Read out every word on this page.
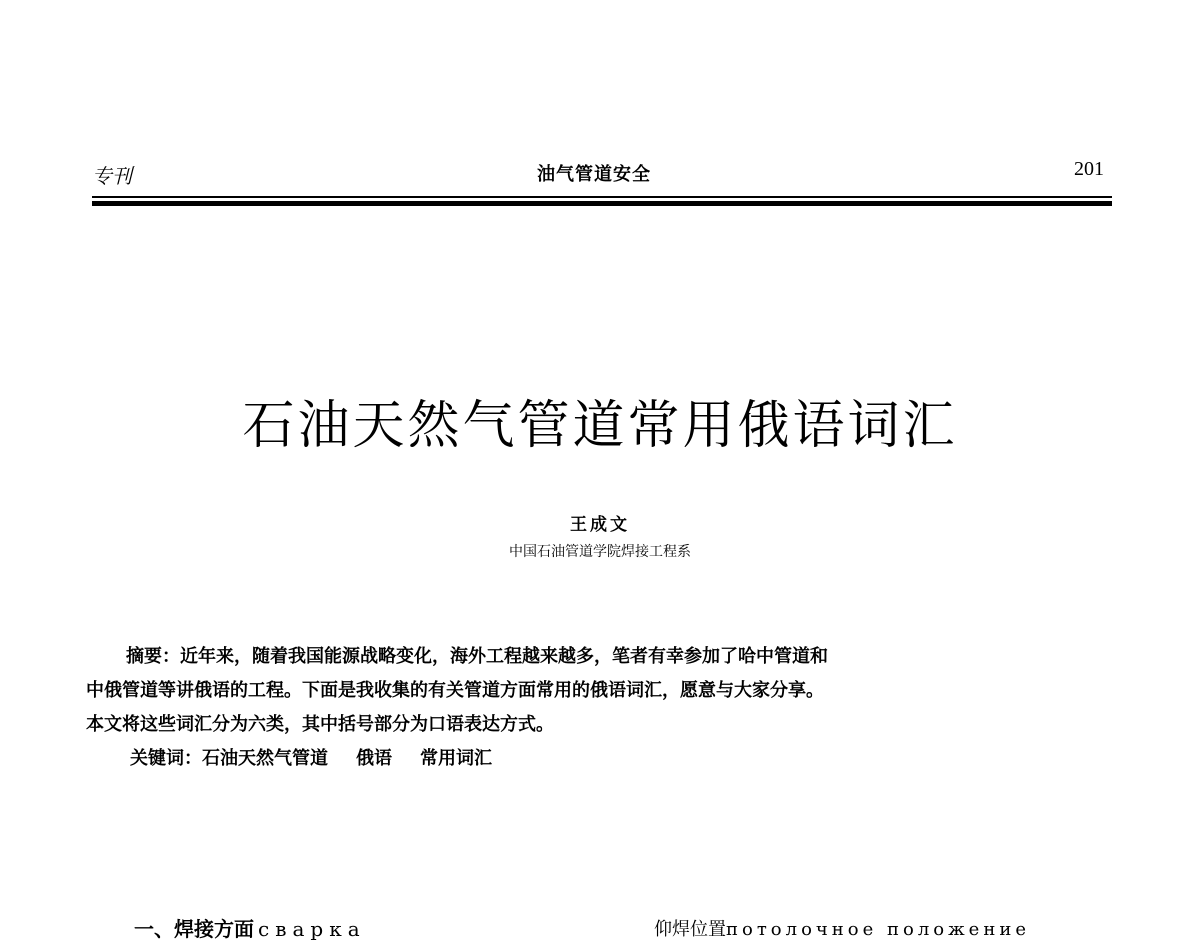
专刊	油气管道安全	201
石油天然气管道常用俄语词汇
王成文
中国石油管道学院焊接工程系

摘要：近年来，随着我国能源战略变化，海外工程越来越多，笔者有幸参加了哈中管道和

中俄管道等讲俄语的工程。下面是我收集的有关管道方面常用的俄语词汇，愿意与大家分享。

本文将这些词汇分为六类，其中括号部分为口语表达方式。

关键词：石油天然气管道 俄语 常用词汇

一、焊接方面 сварка	仰焊位置потолочное положение
